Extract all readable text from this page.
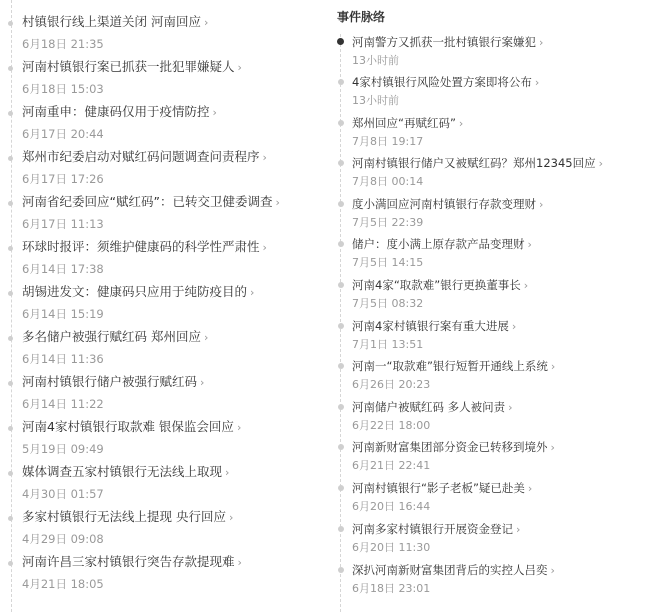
村镇银行线上渠道关闭 河南回应 ›
6月18日 21:35
河南村镇银行案已抓获一批犯罪嫌疑人 ›
6月18日 15:03
河南重申：健康码仅用于疫情防控 ›
6月17日 20:44
郑州市纪委启动对赋红码问题调查问责程序 ›
6月17日 17:26
河南省纪委回应“赋红码”：已转交卫健委调查 ›
6月17日 11:13
环球时报评：须维护健康码的科学性严肃性 ›
6月14日 17:38
胡锡进发文：健康码只应用于纯防疫目的 ›
6月14日 15:19
多名储户被强行赋红码 郑州回应 ›
6月14日 11:36
河南村镇银行储户被强行赋红码 ›
6月14日 11:22
河南4家村镇银行取款难 银保监会回应 ›
5月19日 09:49
媒体调查五家村镇银行无法线上取现 ›
4月30日 01:57
多家村镇银行无法线上提现 央行回应 ›
4月29日 09:08
河南许昌三家村镇银行突告存款提现难 ›
4月21日 18:05
事件脉络
河南警方又抓获一批村镇银行案嫌犯 ›
13小时前
4家村镇银行风险处置方案即将公布 ›
13小时前
郑州回应“再赋红码” ›
7月8日 19:17
河南村镇银行储户又被赋红码？郑州12345回应 ›
7月8日 00:14
度小满回应河南村镇银行存款变理财 ›
7月5日 22:39
储户：度小满上原存款产品变理财 ›
7月5日 14:15
河南4家“取款难”银行更换董事长 ›
7月5日 08:32
河南4家村镇银行案有重大进展 ›
7月1日 13:51
河南一“取款难”银行短暂开通线上系统 ›
6月26日 20:23
河南储户被赋红码 多人被问责 ›
6月22日 18:00
河南新财富集团部分资金已转移到境外 ›
6月21日 22:41
河南村镇银行“影子老板”疑已赴美 ›
6月20日 16:44
河南多家村镇银行开展资金登记 ›
6月20日 11:30
深扒河南新财富集团背后的实控人吕奕 ›
6月18日 23:01
